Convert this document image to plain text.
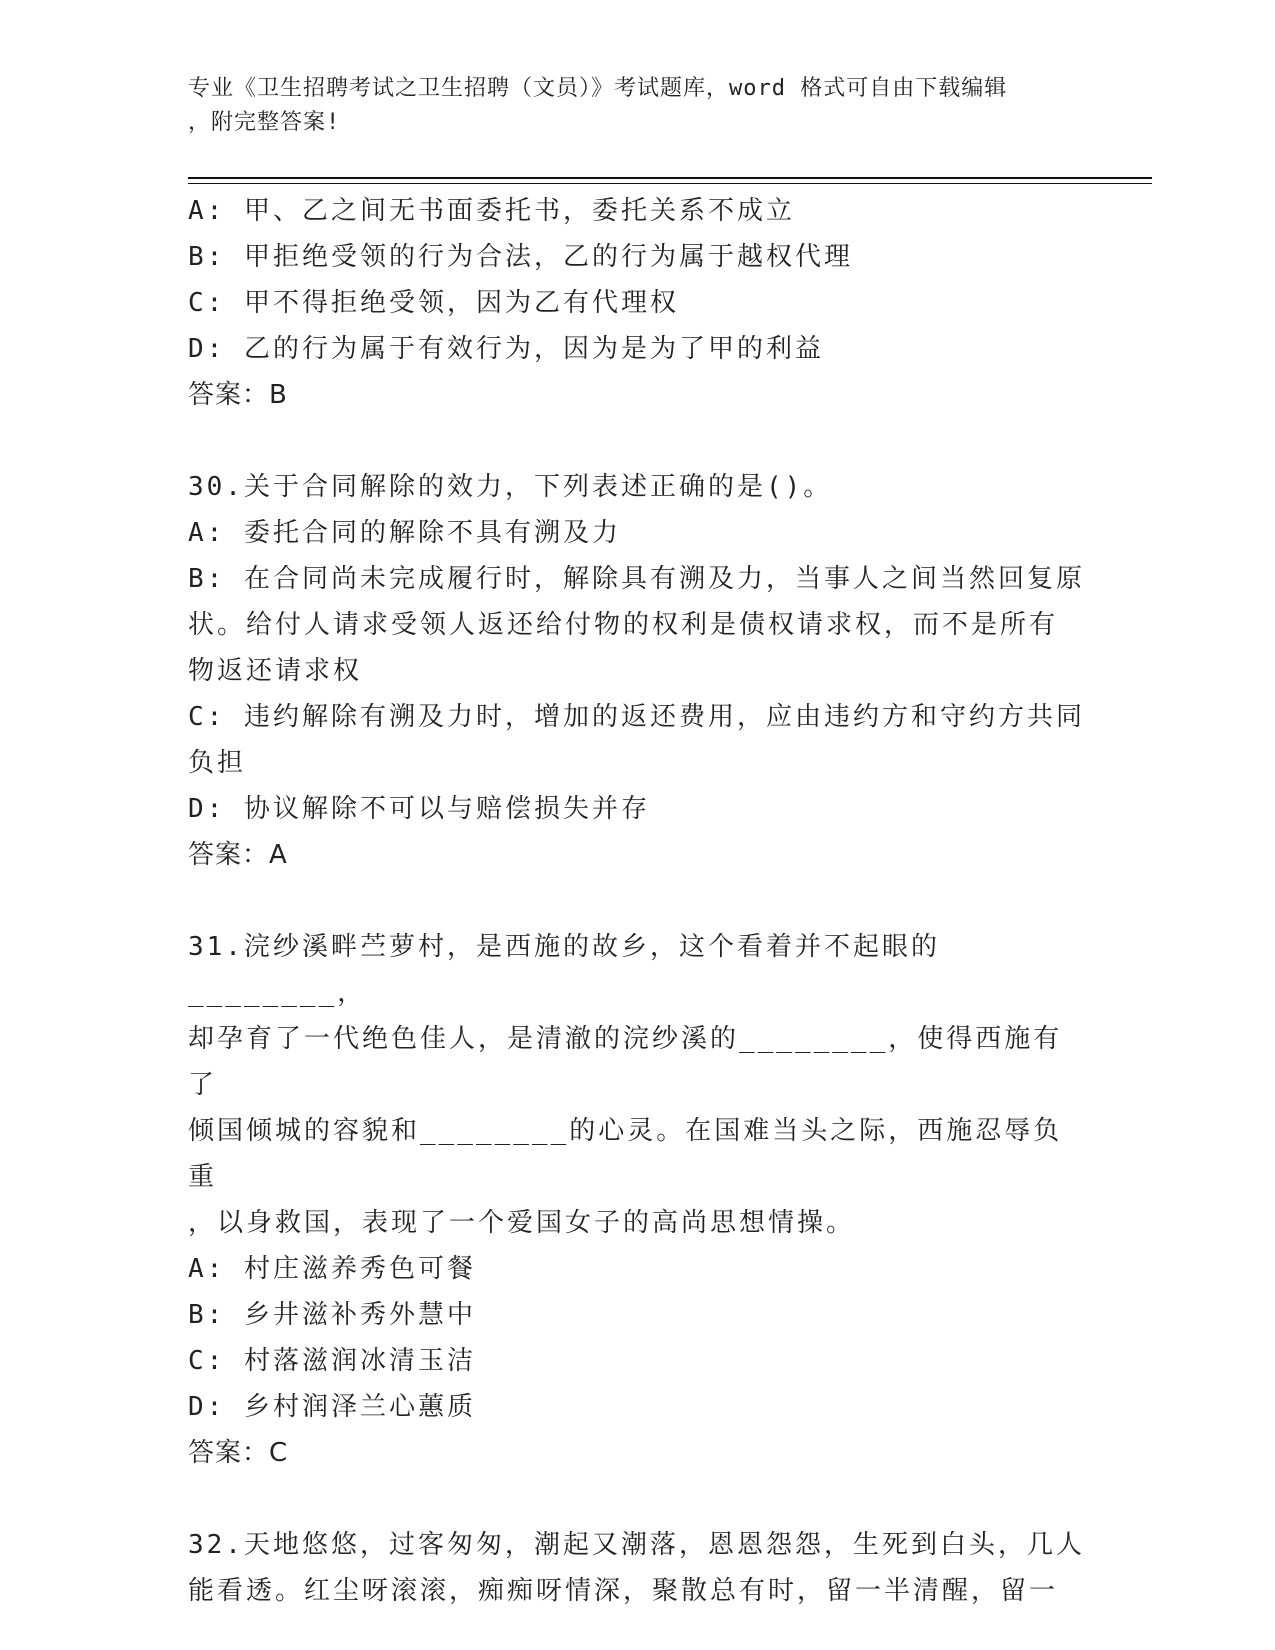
专业《卫生招聘考试之卫生招聘（文员）》考试题库，word 格式可自由下载编辑
，附完整答案!

A: 甲、乙之间无书面委托书，委托关系不成立

B: 甲拒绝受领的行为合法，乙的行为属于越权代理

C: 甲不得拒绝受领，因为乙有代理权

D: 乙的行为属于有效行为，因为是为了甲的利益

答案：B

30.关于合同解除的效力，下列表述正确的是()。

A: 委托合同的解除不具有溯及力

B: 在合同尚未完成履行时，解除具有溯及力，当事人之间当然回复原

状。给付人请求受领人返还给付物的权利是债权请求权，而不是所有

物返还请求权

C: 违约解除有溯及力时，增加的返还费用，应由违约方和守约方共同

负担

D: 协议解除不可以与赔偿损失并存

答案：A

31.浣纱溪畔苎萝村，是西施的故乡，这个看着并不起眼的________，

却孕育了一代绝色佳人，是清澈的浣纱溪的________，使得西施有了

倾国倾城的容貌和________的心灵。在国难当头之际，西施忍辱负重

，以身救国，表现了一个爱国女子的高尚思想情操。

A: 村庄滋养秀色可餐

B: 乡井滋补秀外慧中

C: 村落滋润冰清玉洁

D: 乡村润泽兰心蕙质

答案：C

32.天地悠悠，过客匆匆，潮起又潮落，恩恩怨怨，生死到白头，几人

能看透。红尘呀滚滚，痴痴呀情深，聚散总有时，留一半清醒，留一
